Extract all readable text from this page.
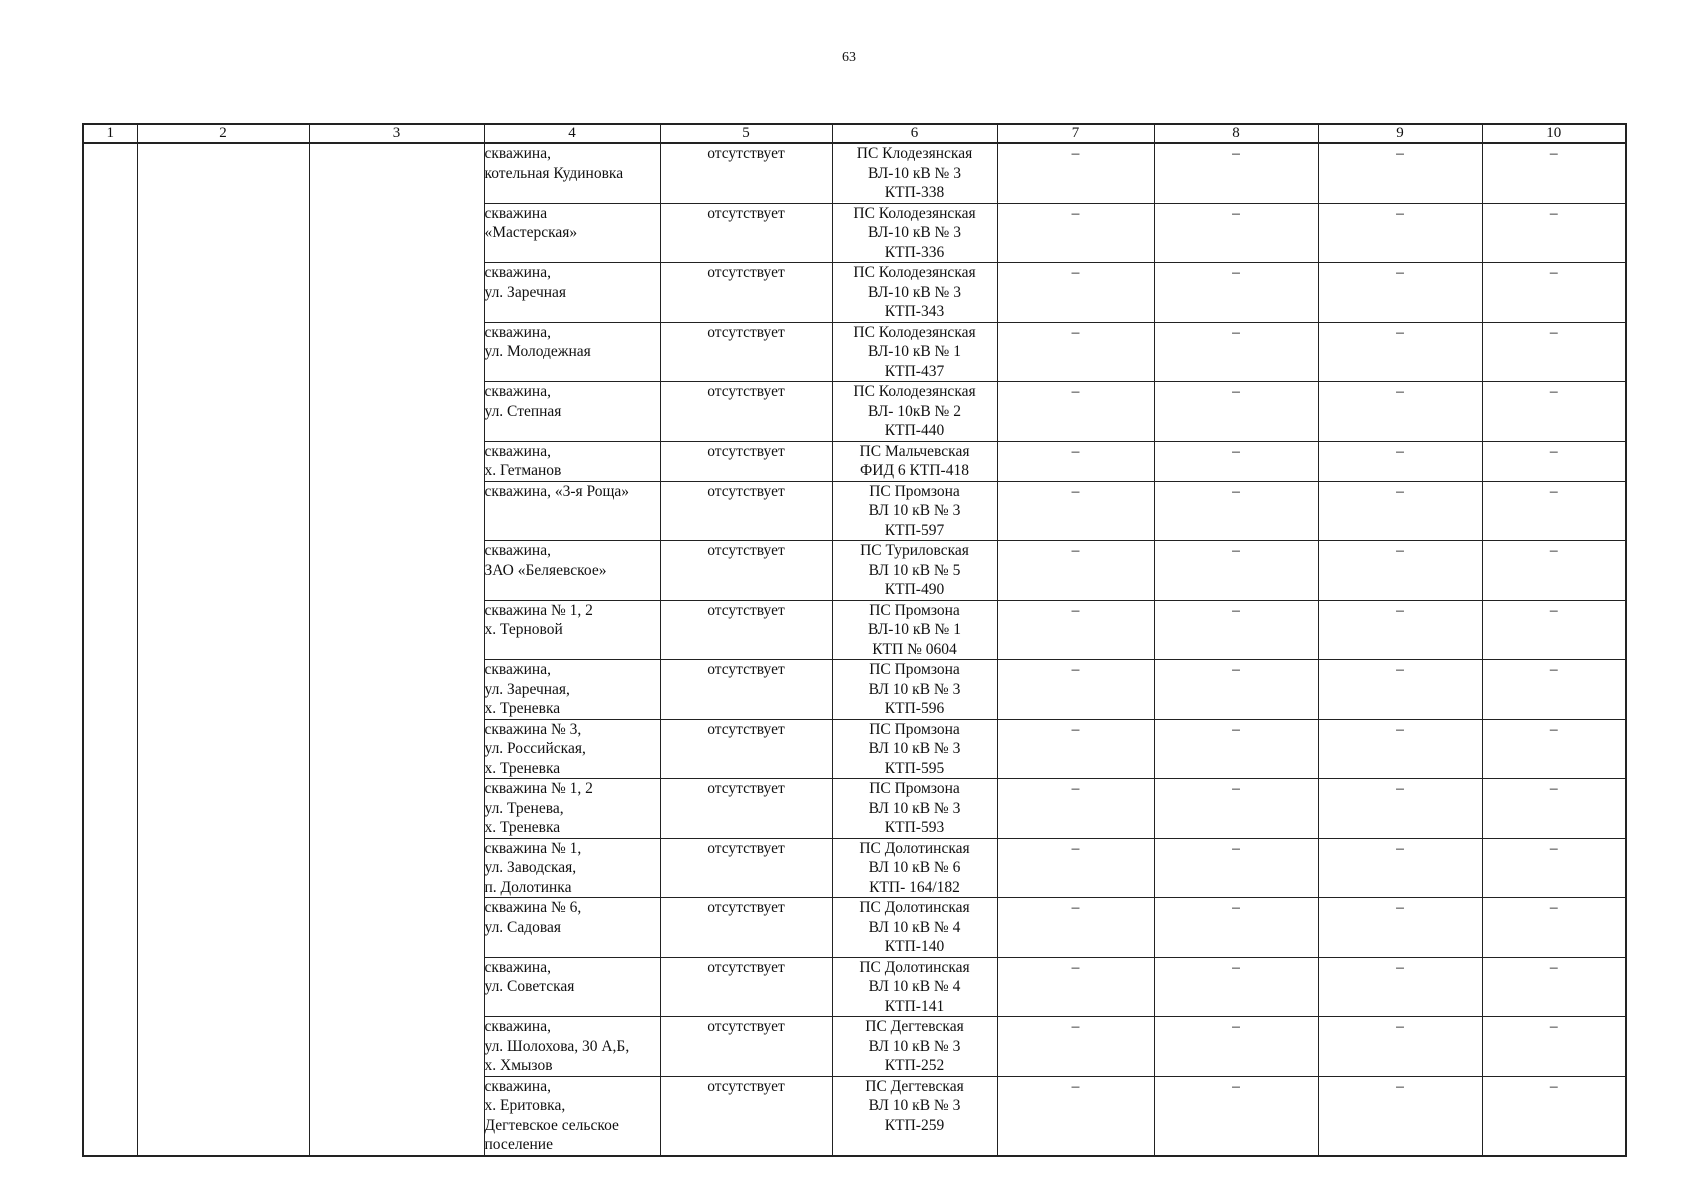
63
1	2	3	4	5	6	7	8	9	10

			скважина,
котельная Кудиновка	отсутствует	ПС Клодезянская
ВЛ-10 кВ № 3
КТП-338	–	–	–	–

			скважина
«Мастерская»	отсутствует	ПС Колодезянская
ВЛ-10 кВ № 3
КТП-336	–	–	–	–

			скважина,
ул. Заречная	отсутствует	ПС Колодезянская
ВЛ-10 кВ № 3
КТП-343	–	–	–	–

			скважина,
ул. Молодежная	отсутствует	ПС Колодезянская
ВЛ-10 кВ № 1
КТП-437	–	–	–	–

			скважина,
ул. Степная	отсутствует	ПС Колодезянская
ВЛ- 10кВ № 2
КТП-440	–	–	–	–

			скважина,
х. Гетманов	отсутствует	ПС Мальчевская
ФИД 6 КТП-418	–	–	–	–

			скважина, «3-я Роща»	отсутствует	ПС Промзона
ВЛ 10 кВ № 3
КТП-597	–	–	–	–

			скважина,
ЗАО «Беляевское»	отсутствует	ПС Туриловская
ВЛ 10 кВ № 5
КТП-490	–	–	–	–

			скважина № 1, 2
х. Терновой	отсутствует	ПС Промзона
ВЛ-10 кВ № 1
КТП № 0604	–	–	–	–

			скважина,
ул. Заречная,
х. Треневка	отсутствует	ПС Промзона
ВЛ 10 кВ № 3
КТП-596	–	–	–	–

			скважина № 3,
ул. Российская,
х. Треневка	отсутствует	ПС Промзона
ВЛ 10 кВ № 3
КТП-595	–	–	–	–

			скважина № 1, 2
ул. Тренева,
х. Треневка	отсутствует	ПС Промзона
ВЛ 10 кВ № 3
КТП-593	–	–	–	–

			скважина № 1,
ул. Заводская,
п. Долотинка	отсутствует	ПС Долотинская
ВЛ 10 кВ № 6
КТП- 164/182	–	–	–	–

			скважина № 6,
ул. Садовая	отсутствует	ПС Долотинская
ВЛ 10 кВ № 4
КТП-140	–	–	–	–

			скважина,
ул. Советская	отсутствует	ПС Долотинская
ВЛ 10 кВ № 4
КТП-141	–	–	–	–

			скважина,
ул. Шолохова, 30 А,Б,
х. Хмызов	отсутствует	ПС Дегтевская
ВЛ 10 кВ № 3
КТП-252	–	–	–	–

			скважина,
х. Еритовка,
Дегтевское сельское
поселение	отсутствует	ПС Дегтевская
ВЛ 10 кВ № 3
КТП-259	–	–	–	–
